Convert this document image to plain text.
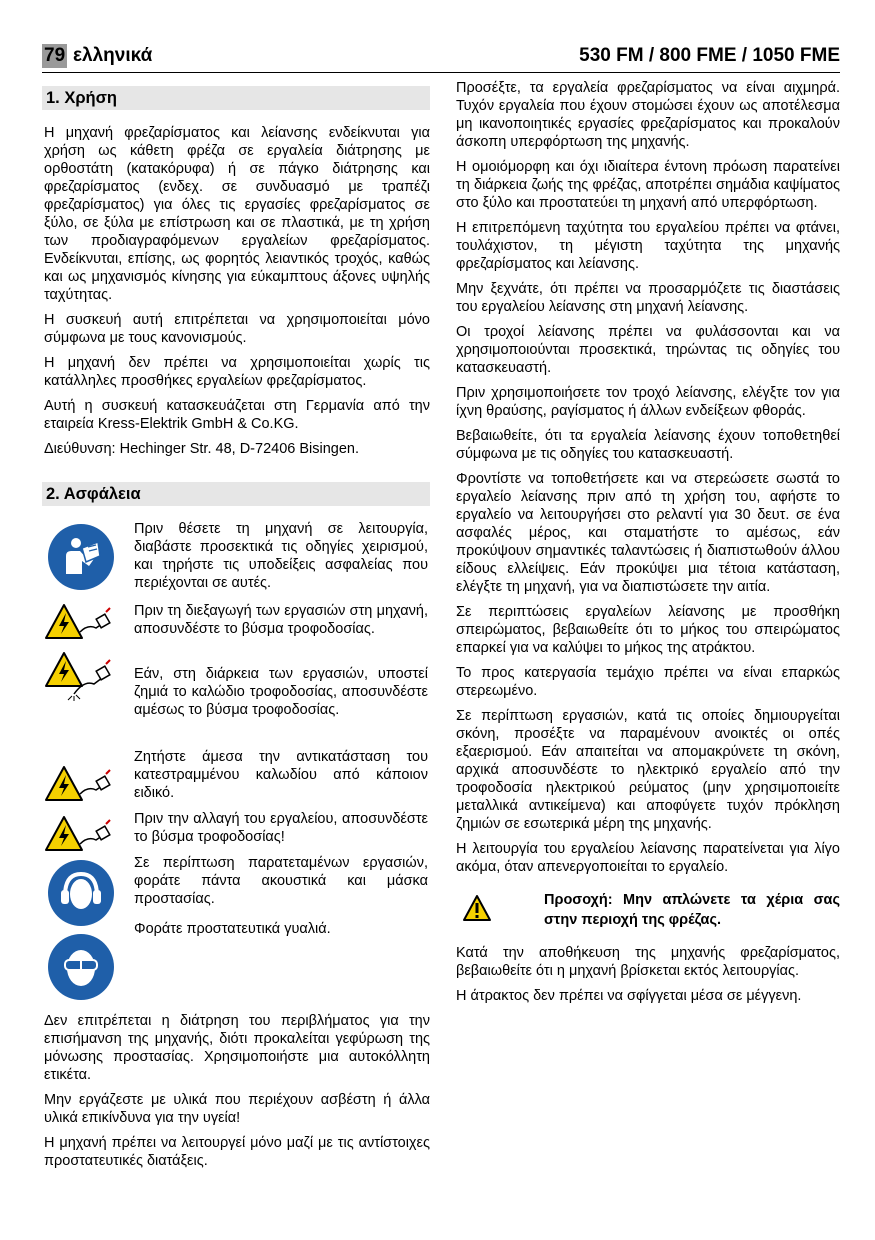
79 ελληνικά	530 FM / 800 FME / 1050 FME
1. Χρήση

Η μηχανή φρεζαρίσματος και λείανσης ενδείκνυται για χρήση ως κάθετη φρέζα σε εργαλεία διάτρησης με ορθοστάτη (κατακόρυφα) ή σε πάγκο διάτρησης και φρεζαρίσματος (ενδεχ. σε συνδυασμό με τραπέζι φρεζαρίσματος) για όλες τις εργασίες φρεζαρίσματος σε ξύλο, σε ξύλα με επίστρωση και σε πλαστικά, με τη χρήση των προδιαγραφόμενων εργαλείων φρεζαρίσματος. Ενδείκνυται, επίσης, ως φορητός λειαντικός τροχός, καθώς και ως μηχανισμός κίνησης για εύκαμπτους άξονες υψηλής ταχύτητας.

Η συσκευή αυτή επιτρέπεται να χρησιμοποιείται μόνο σύμφωνα με τους κανονισμούς.

Η μηχανή δεν πρέπει να χρησιμοποιείται χωρίς τις κατάλληλες προσθήκες εργαλείων φρεζαρίσματος.

Αυτή η συσκευή κατασκευάζεται στη Γερμανία από την εταιρεία Kress-Elektrik GmbH & Co.KG.

Διεύθυνση: Hechinger Str. 48, D-72406 Bisingen.

2. Ασφάλεια

Πριν θέσετε τη μηχανή σε λειτουργία, διαβάστε προσεκτικά τις οδηγίες χειρισμού, και τηρήστε τις υποδείξεις ασφαλείας που περιέχονται σε αυτές.

Πριν τη διεξαγωγή των εργασιών στη μηχανή, αποσυνδέστε το βύσμα τροφοδοσίας.

Εάν, στη διάρκεια των εργασιών, υποστεί ζημιά το καλώδιο τροφοδοσίας, αποσυνδέστε αμέσως το βύσμα τροφοδοσίας.

Ζητήστε άμεσα την αντικατάσταση του κατεστραμμένου καλωδίου από κάποιον ειδικό.

Πριν την αλλαγή του εργαλείου, αποσυνδέστε το βύσμα τροφοδοσίας!

Σε περίπτωση παρατεταμένων εργασιών, φοράτε πάντα ακουστικά και μάσκα προστασίας.

Φοράτε προστατευτικά γυαλιά.

Δεν επιτρέπεται η διάτρηση του περιβλήματος για την επισήμανση της μηχανής, διότι προκαλείται γεφύρωση της μόνωσης προστασίας. Χρησιμοποιήστε μια αυτοκόλλητη ετικέτα.

Μην εργάζεστε με υλικά που περιέχουν ασβέστη ή άλλα υλικά επικίνδυνα για την υγεία!

Η μηχανή πρέπει να λειτουργεί μόνο μαζί με τις αντίστοιχες προστατευτικές διατάξεις.

Προσέξτε, τα εργαλεία φρεζαρίσματος να είναι αιχμηρά. Τυχόν εργαλεία που έχουν στομώσει έχουν ως αποτέλεσμα μη ικανοποιητικές εργασίες φρεζαρίσματος και προκαλούν άσκοπη υπερφόρτωση της μηχανής.

Η ομοιόμορφη και όχι ιδιαίτερα έντονη πρόωση παρατείνει τη διάρκεια ζωής της φρέζας, αποτρέπει σημάδια καψίματος στο ξύλο και προστατεύει τη μηχανή από υπερφόρτωση.

Η επιτρεπόμενη ταχύτητα του εργαλείου πρέπει να φτάνει, τουλάχιστον, τη μέγιστη ταχύτητα της μηχανής φρεζαρίσματος και λείανσης.

Μην ξεχνάτε, ότι πρέπει να προσαρμόζετε τις διαστάσεις του εργαλείου λείανσης στη μηχανή λείανσης.

Οι τροχοί λείανσης πρέπει να φυλάσσονται και να χρησιμοποιούνται προσεκτικά, τηρώντας τις οδηγίες του κατασκευαστή.

Πριν χρησιμοποιήσετε τον τροχό λείανσης, ελέγξτε τον για ίχνη θραύσης, ραγίσματος ή άλλων ενδείξεων φθοράς.

Βεβαιωθείτε, ότι τα εργαλεία λείανσης έχουν τοποθετηθεί σύμφωνα με τις οδηγίες του κατασκευαστή.

Φροντίστε να τοποθετήσετε και να στερεώσετε σωστά το εργαλείο λείανσης πριν από τη χρήση του, αφήστε το εργαλείο να λειτουργήσει στο ρελαντί για 30 δευτ. σε ένα ασφαλές μέρος, και σταματήστε το αμέσως, εάν προκύψουν σημαντικές ταλαντώσεις ή διαπιστωθούν άλλου είδους ελλείψεις. Εάν προκύψει μια τέτοια κατάσταση, ελέγξτε τη μηχανή, για να διαπιστώσετε την αιτία.

Σε περιπτώσεις εργαλείων λείανσης με προσθήκη σπειρώματος, βεβαιωθείτε ότι το μήκος του σπειρώματος επαρκεί για να καλύψει το μήκος της ατράκτου.

Το προς κατεργασία τεμάχιο πρέπει να είναι επαρκώς στερεωμένο.

Σε περίπτωση εργασιών, κατά τις οποίες δημιουργείται σκόνη, προσέξτε να παραμένουν ανοικτές οι οπές εξαερισμού. Εάν απαιτείται να απομακρύνετε τη σκόνη, αρχικά αποσυνδέστε το ηλεκτρικό εργαλείο από την τροφοδοσία ηλεκτρικού ρεύματος (μην χρησιμοποιείτε μεταλλικά αντικείμενα) και αποφύγετε τυχόν πρόκληση ζημιών σε εσωτερικά μέρη της μηχανής.

Η λειτουργία του εργαλείου λείανσης παρατείνεται για λίγο ακόμα, όταν απενεργοποιείται το εργαλείο.

Προσοχή: Μην απλώνετε τα χέρια σας στην περιοχή της φρέζας.

Κατά την αποθήκευση της μηχανής φρεζαρίσματος, βεβαιωθείτε ότι η μηχανή βρίσκεται εκτός λειτουργίας.

Η άτρακτος δεν πρέπει να σφίγγεται μέσα σε μέγγενη.
